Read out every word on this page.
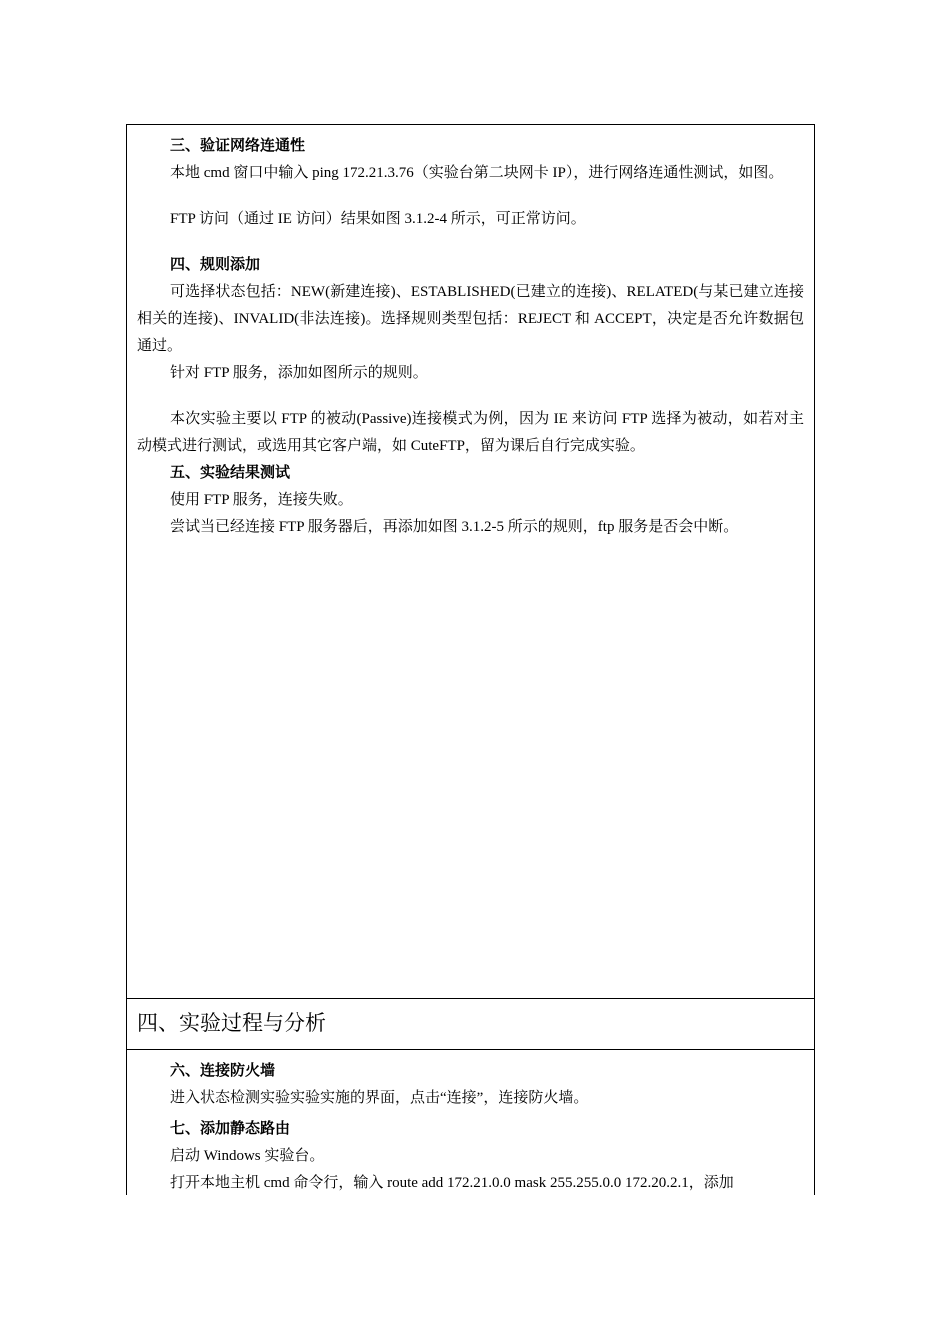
三、验证网络连通性

本地 cmd 窗口中输入 ping 172.21.3.76（实验台第二块网卡 IP），进行网络连通性测试，如图。

FTP 访问（通过 IE 访问）结果如图 3.1.2-4 所示，可正常访问。

四、规则添加

可选择状态包括：NEW(新建连接)、ESTABLISHED(已建立的连接)、RELATED(与某已建立连接相关的连接)、INVALID(非法连接)。选择规则类型包括：REJECT 和 ACCEPT，决定是否允许数据包通过。

针对 FTP 服务，添加如图所示的规则。

本次实验主要以 FTP 的被动(Passive)连接模式为例，因为 IE 来访问 FTP 选择为被动，如若对主动模式进行测试，或选用其它客户端，如 CuteFTP，留为课后自行完成实验。

五、实验结果测试

使用 FTP 服务，连接失败。

尝试当已经连接 FTP 服务器后，再添加如图 3.1.2-5 所示的规则，ftp 服务是否会中断。

四、实验过程与分析

六、连接防火墙

进入状态检测实验实验实施的界面，点击“连接”，连接防火墙。

七、添加静态路由

启动 Windows 实验台。

打开本地主机 cmd 命令行，输入 route add 172.21.0.0 mask 255.255.0.0 172.20.2.1，添加
